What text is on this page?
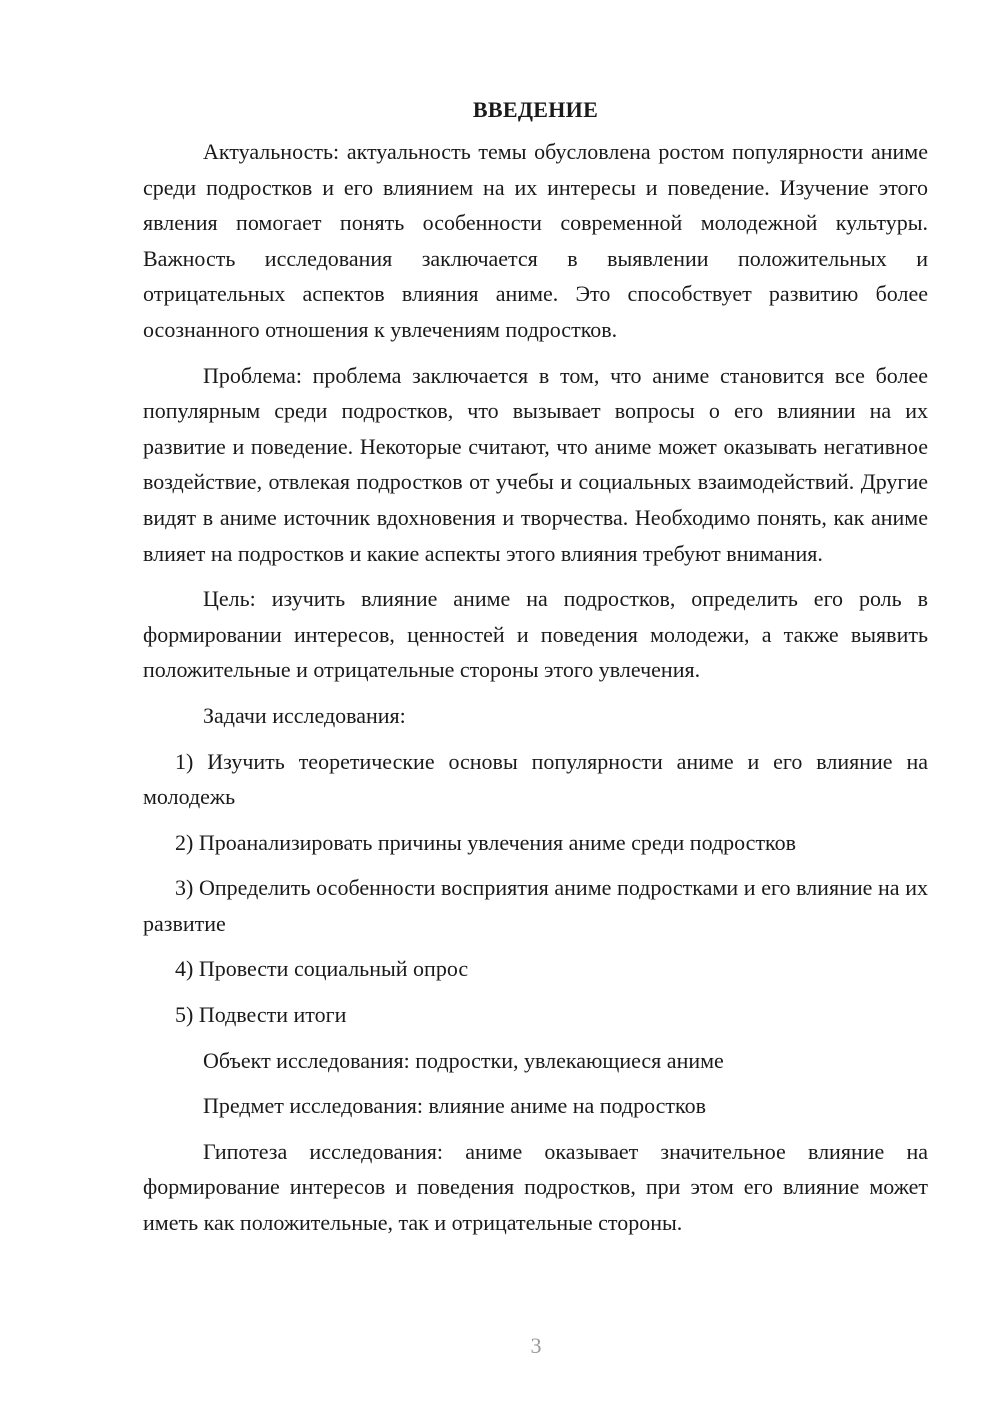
ВВЕДЕНИЕ

Актуальность: актуальность темы обусловлена ростом популярности аниме среди подростков и его влиянием на их интересы и поведение. Изучение этого явления помогает понять особенности современной молодежной культуры. Важность исследования заключается в выявлении положительных и отрицательных аспектов влияния аниме. Это способствует развитию более осознанного отношения к увлечениям подростков.

Проблема: проблема заключается в том, что аниме становится все более популярным среди подростков, что вызывает вопросы о его влиянии на их развитие и поведение. Некоторые считают, что аниме может оказывать негативное воздействие, отвлекая подростков от учебы и социальных взаимодействий. Другие видят в аниме источник вдохновения и творчества. Необходимо понять, как аниме влияет на подростков и какие аспекты этого влияния требуют внимания.

Цель: изучить влияние аниме на подростков, определить его роль в формировании интересов, ценностей и поведения молодежи, а также выявить положительные и отрицательные стороны этого увлечения.

Задачи исследования:

1) Изучить теоретические основы популярности аниме и его влияние на молодежь

2) Проанализировать причины увлечения аниме среди подростков

3) Определить особенности восприятия аниме подростками и его влияние на их развитие

4) Провести социальный опрос

5) Подвести итоги

Объект исследования: подростки, увлекающиеся аниме

Предмет исследования: влияние аниме на подростков

Гипотеза исследования: аниме оказывает значительное влияние на формирование интересов и поведения подростков, при этом его влияние может иметь как положительные, так и отрицательные стороны.

3
